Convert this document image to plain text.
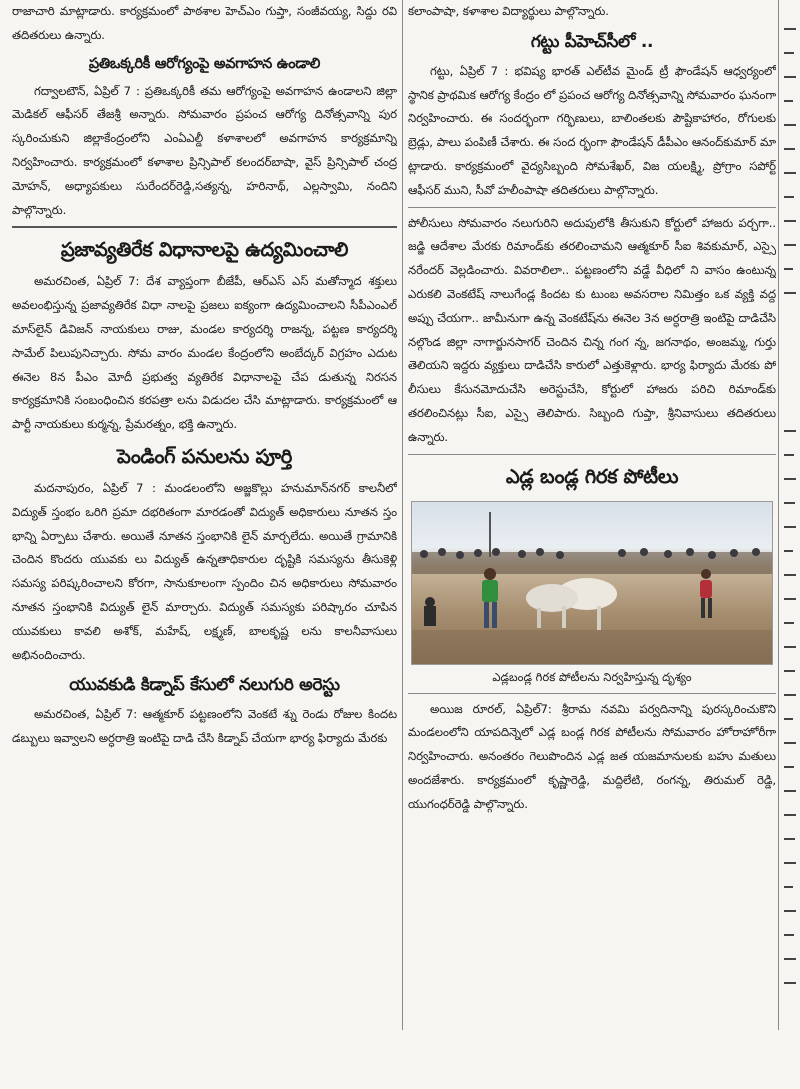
రాజాచారి మాట్లాడారు. కార్యక్రమంలో పాఠశాల హెచ్ఎం గుప్తా, సంజీవయ్య, సిద్దు రవి తదితరులు ఉన్నారు.

ప్రతిఒక్కరికీ ఆరోగ్యంపై అవగాహన ఉండాలి

గద్వాలటౌన్, ఏప్రిల్ 7 : ప్రతిఒక్కరికీ తమ ఆరోగ్యంపై అవగాహన ఉండాలని జిల్లా మెడికల్ ఆఫీసర్ తేజశ్రీ అన్నారు. సోమవారం ప్రపంచ ఆరోగ్య దినోత్సవాన్ని పుర స్కరించుకుని జిల్లాకేంద్రంలోని ఎంఏఎల్డీ కళాశాలలో అవగాహన కార్యక్రమాన్ని నిర్వహించారు. కార్యక్రమంలో కళాశాల ప్రిన్సిపాల్ కలందర్‌బాషా, వైస్ ప్రిన్సిపాల్ చంద్ర మోహన్, అధ్యాపకులు సురేందర్‌రెడ్డి,సత్యన్న, హరినాథ్, ఎల్లస్వామి, నందిని పాల్గొన్నారు.

ప్రజావ్యతిరేక విధానాలపై ఉద్యమించాలి

అమరచింత, ఏప్రిల్ 7: దేశ వ్యాప్తంగా బీజేపీ, ఆర్ఎస్ ఎస్ మతోన్మాద శక్తులు అవలంభిస్తున్న ప్రజావ్యతిరేక విధా నాలపై ప్రజలు ఐక్యంగా ఉద్యమించాలని సీపీఎంఎల్ మాస్‌లైన్ డివిజన్ నాయకులు రాజు, మండల కార్యదర్శి రాజన్న, పట్టణ కార్యదర్శి సామేల్ పిలుపునిచ్చారు. సోమ వారం మండల కేంద్రంలోని అంబేద్కర్ విగ్రహం ఎదుట ఈనెల 8న పీఎం మోదీ ప్రభుత్వ వ్యతిరేక విధానాలపై చేప డుతున్న నిరసన కార్యక్రమానికి సంబంధించిన కరపత్రా లను విడుదల చేసి మాట్లాడారు. కార్యక్రమంలో ఆ పార్టీ నాయకులు కుర్మన్న, ప్రేమరత్నం, భక్తి ఉన్నారు.

పెండింగ్ పనులను పూర్తి

మదనాపురం, ఏప్రిల్ 7 : మండలంలోని అజ్జకొల్లు హనుమాన్‌నగర్ కాలనీలో విద్యుత్ స్తంభం ఒరిగి ప్రమా దభరితంగా మారడంతో విద్యుత్ అధికారులు నూతన స్తం భాన్ని ఏర్పాటు చేశారు. అయితే నూతన స్తంభానికి లైన్ మార్చలేదు. అయితే గ్రామానికి చెందిన కొందరు యువకు లు విద్యుత్ ఉన్నతాధికారుల దృష్టికి సమస్యను తీసుకెళ్లి సమస్య పరిష్కరించాలని కోరగా, సానుకూలంగా స్పందిం చిన అధికారులు సోమవారం నూతన స్తంభానికి విద్యుత్ లైన్ మార్చారు. విద్యుత్ సమస్యకు పరిష్కారం చూపిన యువకులు కావలి అశోక్, మహేష్, లక్ష్మణ్, బాలకృష్ణ లను కాలనీవాసులు అభినందించారు.

యువకుడి కిడ్నాప్ కేసులో నలుగురి అరెస్టు

అమరచింత, ఏప్రిల్ 7: ఆత్మకూర్ పట్టణంలోని వెంకటే శ్ను రెండు రోజుల కిందట డబ్బులు ఇవ్వాలని అర్ధరాత్రి ఇంటిపై దాడి చేసి కిడ్నాప్ చేయగా భార్య ఫిర్యాదు మేరకు

కలాంపాషా, కళాశాల విద్యార్థులు పాల్గొన్నారు.

గట్టు పీహెచ్‌సీలో ..

గట్టు, ఏప్రిల్ 7 : భవిష్య భారత్ ఎల్‌టీవ మైండ్ ట్రీ ఫౌండేషన్ ఆధ్వర్యంలో స్థానిక ప్రాథమిక ఆరోగ్య కేంద్రం లో ప్రపంచ ఆరోగ్య దినోత్సవాన్ని సోమవారం ఘనంగా నిర్వహించారు. ఈ సందర్భంగా గర్భిణులు, బాలింతలకు పౌష్టికాహారం, రోగులకు బ్రెడ్లు, పాలు పంపిణీ చేశారు. ఈ సంద ర్భంగా ఫౌండేషన్ డీపీఎం ఆనంద్‌కుమార్ మా ట్లాడారు. కార్యక్రమంలో వైద్యసిబ్బంది సోమశేఖర్, విజ యలక్ష్మి, ప్రోగ్రాం సపోర్ట్ ఆఫీసర్ ముని, సీవో హలీంపాషా తదితరులు పాల్గొన్నారు.

పోలీసులు సోమవారం నలుగురిని అదుపులోకి తీసుకుని కోర్టులో హాజరు పర్చగా.. జడ్జి ఆదేశాల మేరకు రిమాండ్‌కు తరలించామని ఆత్మకూర్ సీఐ శివకుమార్, ఎస్సై నరేందర్ వెల్లడించారు. వివరాలిలా.. పట్టణంలోని వడ్డే వీధిలో ని వాసం ఉంటున్న ఎరుకలి వెంకటేష్ నాలుగేండ్ల కిందట కు టుంబ అవసరాల నిమిత్తం ఒక వ్యక్తి వద్ద అప్పు చేయగా.. జామీనుగా ఉన్న వెంకటేష్‌ను ఈనెల 3న అర్ధరాత్రి ఇంటిపై దాడిచేసి నల్గొండ జిల్లా నాగార్జునసాగర్ చెందిన చిన్న గంగ న్న, జగనాథం, అంజమ్మ, గుర్తు తెలియని ఇద్దరు వ్యక్తులు దాడిచేసి కారులో ఎత్తుకెళ్లారు. భార్య ఫిర్యాదు మేరకు పో లీసులు కేసునమోదుచేసి అరెస్టుచేసి, కోర్టులో హాజరు పరిచి రిమాండ్‌కు తరలించినట్లు సీఐ, ఎస్సై తెలిపారు. సిబ్బంది గుప్తా, శ్రీనివాసులు తదితరులు ఉన్నారు.

ఎడ్ల బండ్ల గిరక పోటీలు

ఎడ్లబండ్ల గిరక పోటీలను నిర్వహిస్తున్న దృశ్యం

అయిజ రూరల్, ఏప్రిల్7: శ్రీరామ నవమి పర్వదినాన్ని పురస్కరించుకొని మండలంలోని యాపదిన్నెలో ఎడ్ల బండ్ల గిరక పోటీలను సోమవారం హోరాహోరీగా నిర్వహించారు. అనంతరం గెలుపొందిన ఎడ్ల జత యజమానులకు బహు మతులు అందజేశారు. కార్యక్రమంలో కృష్ణారెడ్డి, మద్దిలేటి, రంగన్న, తిరుమల్ రెడ్డి, యుగంధర్‌రెడ్డి పాల్గొన్నారు.
